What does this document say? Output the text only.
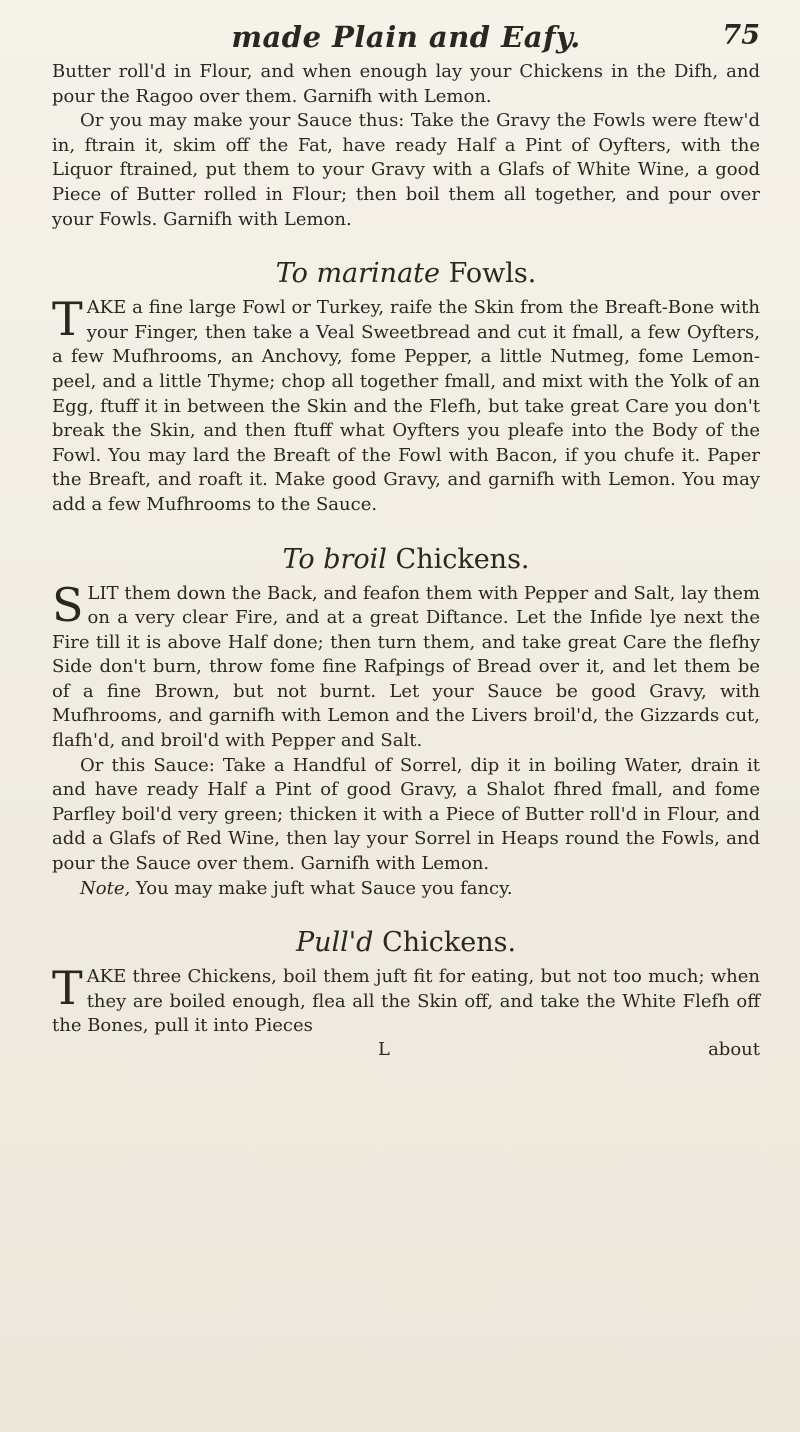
made Plain and Eafy.	75

Butter roll'd in Flour, and when enough lay your Chickens in the Difh, and pour the Ragoo over them. Garnifh with Lemon.

Or you may make your Sauce thus: Take the Gravy the Fowls were ftew'd in, ftrain it, skim off the Fat, have ready Half a Pint of Oyfters, with the Liquor ftrained, put them to your Gravy with a Glafs of White Wine, a good Piece of Butter rolled in Flour; then boil them all together, and pour over your Fowls. Garnifh with Lemon.

To marinate Fowls.

TAKE a fine large Fowl or Turkey, raife the Skin from the Breaft-Bone with your Finger, then take a Veal Sweetbread and cut it fmall, a few Oyfters, a few Mufhrooms, an Anchovy, fome Pepper, a little Nutmeg, fome Lemon-peel, and a little Thyme; chop all together fmall, and mixt with the Yolk of an Egg, ftuff it in between the Skin and the Flefh, but take great Care you don't break the Skin, and then ftuff what Oyfters you pleafe into the Body of the Fowl. You may lard the Breaft of the Fowl with Bacon, if you chufe it. Paper the Breaft, and roaft it. Make good Gravy, and garnifh with Lemon. You may add a few Mufhrooms to the Sauce.

To broil Chickens.

SLIT them down the Back, and feafon them with Pepper and Salt, lay them on a very clear Fire, and at a great Diftance. Let the Infide lye next the Fire till it is above Half done; then turn them, and take great Care the flefhy Side don't burn, throw fome fine Rafpings of Bread over it, and let them be of a fine Brown, but not burnt. Let your Sauce be good Gravy, with Mufhrooms, and garnifh with Lemon and the Livers broil'd, the Gizzards cut, flafh'd, and broil'd with Pepper and Salt.

Or this Sauce: Take a Handful of Sorrel, dip it in boiling Water, drain it and have ready Half a Pint of good Gravy, a Shalot fhred fmall, and fome Parfley boil'd very green; thicken it with a Piece of Butter roll'd in Flour, and add a Glafs of Red Wine, then lay your Sorrel in Heaps round the Fowls, and pour the Sauce over them. Garnifh with Lemon.

Note, You may make juft what Sauce you fancy.

Pull'd Chickens.

TAKE three Chickens, boil them juft fit for eating, but not too much; when they are boiled enough, flea all the Skin off, and take the White Flefh off the Bones, pull it into Pieces

L	about
